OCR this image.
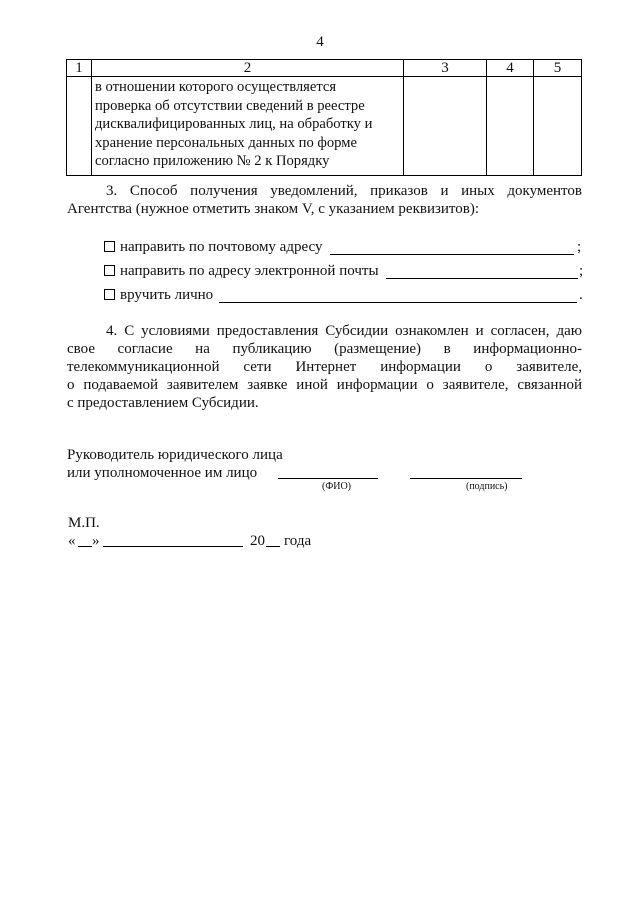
4
1	2	3	4	5

	в отношении которого осуществляется
проверка об отсутствии сведений в реестре
дисквалифицированных лиц, на обработку и
хранение персональных данных по форме
согласно приложению № 2 к Порядку			

3. Способ получения уведомлений, приказов и иных документов
Агентства (нужное отметить знаком V, с указанием реквизитов):
направить по почтовому адресу	;
направить по адресу электронной почты	;
вручить лично	.
4. С условиями предоставления Субсидии ознакомлен и согласен, даю
свое согласие на публикацию (размещение) в информационно-
телекоммуникационной сети Интернет информации о заявителе,
о подаваемой заявителем заявке иной информации о заявителе, связанной
с предоставлением Субсидии.
Руководитель юридического лица
или уполномоченное им лицо
(ФИО)	(подпись)
М.П.
« »	20 года
